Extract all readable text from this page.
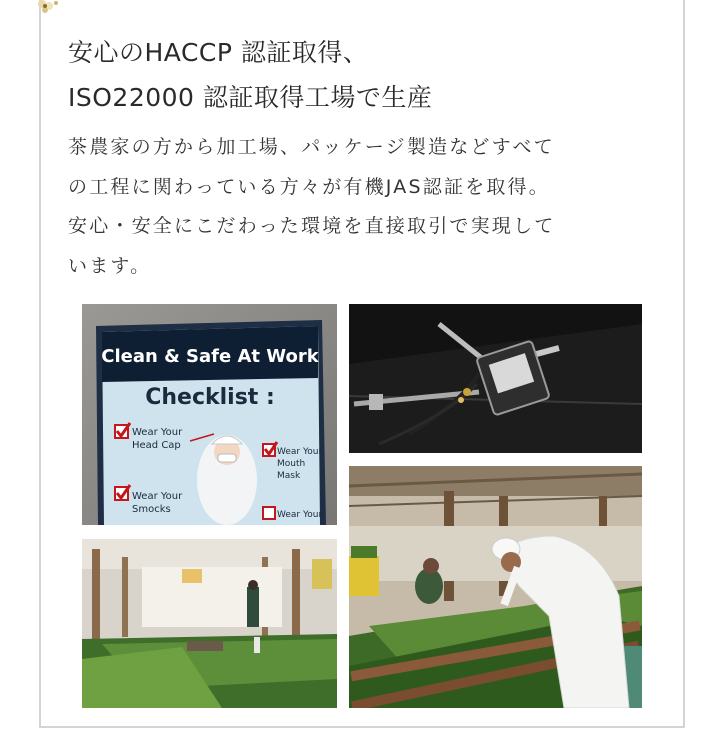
安心のHACCP 認証取得、
ISO22000 認証取得工場で生産

茶農家の方から加工場、パッケージ製造などすべて
の工程に関わっている方々が有機JAS認証を取得。
安心・安全にこだわった環境を直接取引で実現して
います。

Clean & Safe At Work
Checklist :
Wear Your
Head Cap
Wear Your
Mouth
Mask
Wear Your
Smocks	Wear Your
